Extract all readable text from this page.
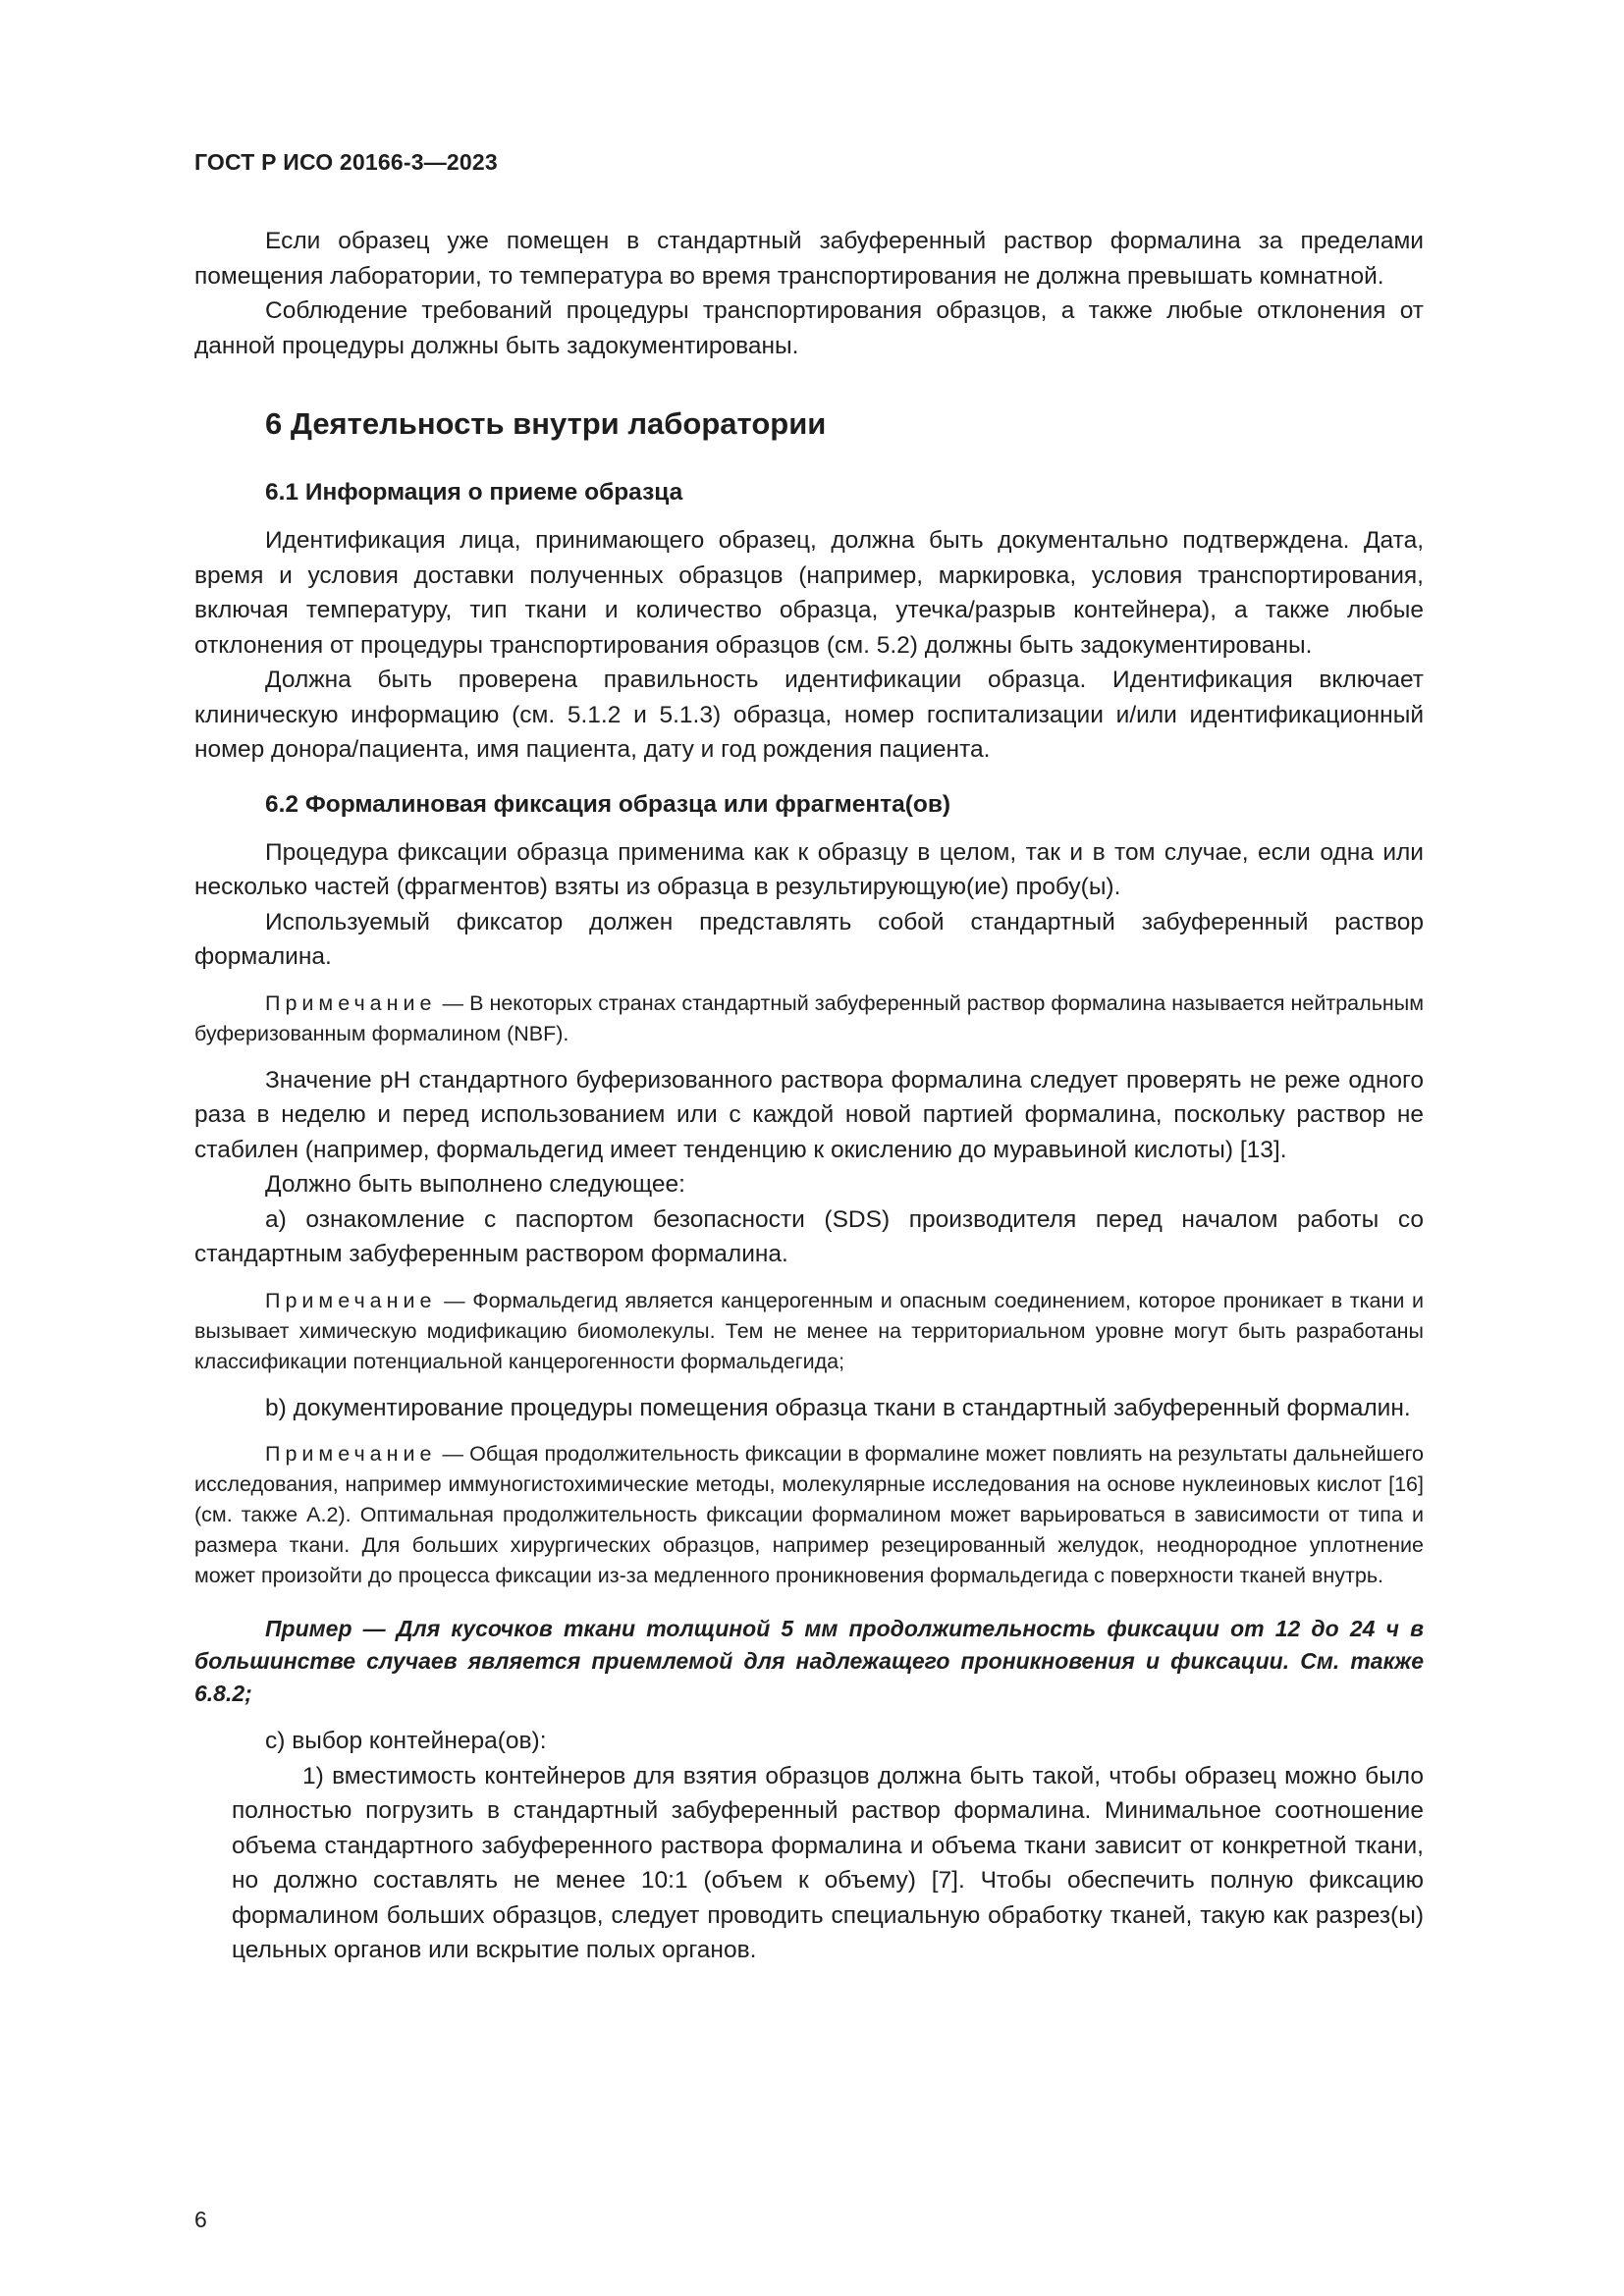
ГОСТ Р ИСО 20166-3—2023

Если образец уже помещен в стандартный забуференный раствор формалина за пределами помещения лаборатории, то температура во время транспортирования не должна превышать комнатной.

Соблюдение требований процедуры транспортирования образцов, а также любые отклонения от данной процедуры должны быть задокументированы.

6 Деятельность внутри лаборатории
6.1 Информация о приеме образца

Идентификация лица, принимающего образец, должна быть документально подтверждена. Дата, время и условия доставки полученных образцов (например, маркировка, условия транспортирования, включая температуру, тип ткани и количество образца, утечка/разрыв контейнера), а также любые отклонения от процедуры транспортирования образцов (см. 5.2) должны быть задокументированы.

Должна быть проверена правильность идентификации образца. Идентификация включает клиническую информацию (см. 5.1.2 и 5.1.3) образца, номер госпитализации и/или идентификационный номер донора/пациента, имя пациента, дату и год рождения пациента.

6.2 Формалиновая фиксация образца или фрагмента(ов)

Процедура фиксации образца применима как к образцу в целом, так и в том случае, если одна или несколько частей (фрагментов) взяты из образца в результирующую(ие) пробу(ы).

Используемый фиксатор должен представлять собой стандартный забуференный раствор формалина.

Примечание — В некоторых странах стандартный забуференный раствор формалина называется нейтральным буферизованным формалином (NBF).

Значение pH стандартного буферизованного раствора формалина следует проверять не реже одного раза в неделю и перед использованием или с каждой новой партией формалина, поскольку раствор не стабилен (например, формальдегид имеет тенденцию к окислению до муравьиной кислоты) [13].

Должно быть выполнено следующее:

а) ознакомление с паспортом безопасности (SDS) производителя перед началом работы со стандартным забуференным раствором формалина.

Примечание — Формальдегид является канцерогенным и опасным соединением, которое проникает в ткани и вызывает химическую модификацию биомолекулы. Тем не менее на территориальном уровне могут быть разработаны классификации потенциальной канцерогенности формальдегида;

b) документирование процедуры помещения образца ткани в стандартный забуференный формалин.

Примечание — Общая продолжительность фиксации в формалине может повлиять на результаты дальнейшего исследования, например иммуногистохимические методы, молекулярные исследования на основе нуклеиновых кислот [16] (см. также А.2). Оптимальная продолжительность фиксации формалином может варьироваться в зависимости от типа и размера ткани. Для больших хирургических образцов, например резецированный желудок, неоднородное уплотнение может произойти до процесса фиксации из-за медленного проникновения формальдегида с поверхности тканей внутрь.

Пример — Для кусочков ткани толщиной 5 мм продолжительность фиксации от 12 до 24 ч в большинстве случаев является приемлемой для надлежащего проникновения и фиксации. См. также 6.8.2;

с) выбор контейнера(ов):

1) вместимость контейнеров для взятия образцов должна быть такой, чтобы образец можно было полностью погрузить в стандартный забуференный раствор формалина. Минимальное соотношение объема стандартного забуференного раствора формалина и объема ткани зависит от конкретной ткани, но должно составлять не менее 10:1 (объем к объему) [7]. Чтобы обеспечить полную фиксацию формалином больших образцов, следует проводить специальную обработку тканей, такую как разрез(ы) цельных органов или вскрытие полых органов.

6
